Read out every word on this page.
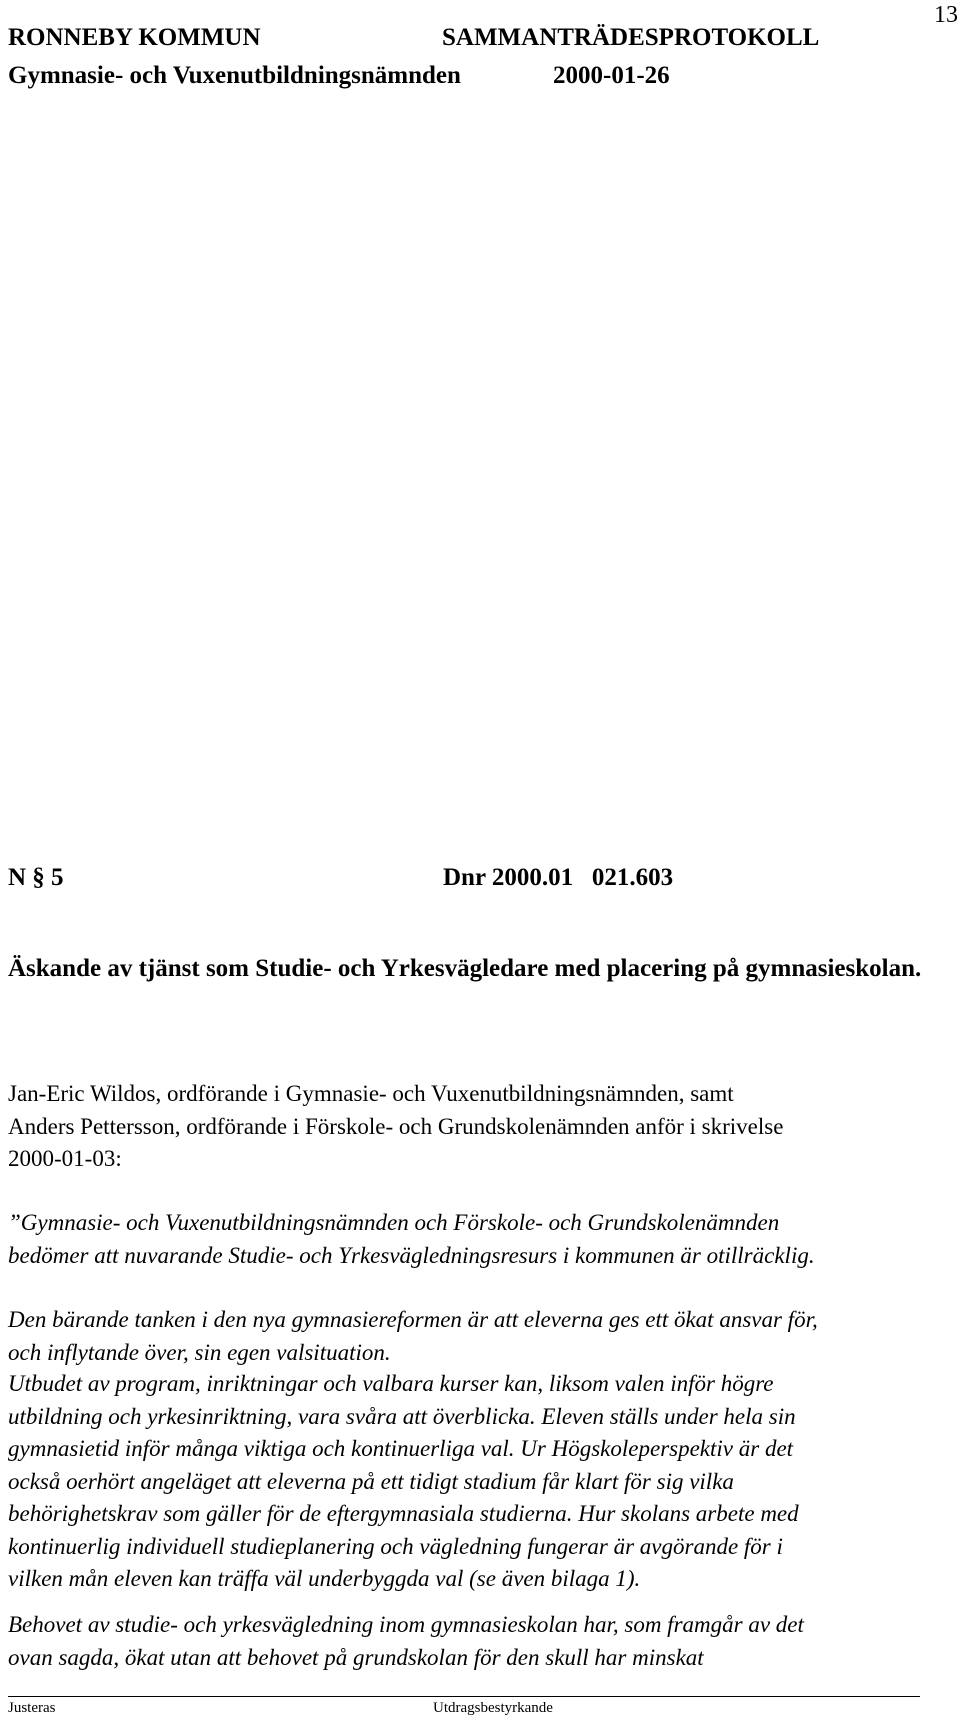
13
RONNEBY KOMMUN	SAMMANTRÄDESPROTOKOLL
Gymnasie- och Vuxenutbildningsnämnden	2000-01-26
N § 5	Dnr 2000.01   021.603
Äskande av tjänst som Studie- och Yrkesvägledare med placering på gymnasieskolan.
Jan-Eric Wildos, ordförande i Gymnasie- och Vuxenutbildningsnämnden, samt
Anders Pettersson, ordförande i Förskole- och Grundskolenämnden anför i skrivelse
2000-01-03:
”Gymnasie- och Vuxenutbildningsnämnden och Förskole- och Grundskolenämnden
bedömer att nuvarande Studie- och Yrkesvägledningsresurs i kommunen är otillräcklig.
Den bärande tanken i den nya gymnasiereformen är att eleverna ges ett ökat ansvar för,
och inflytande över, sin egen valsituation.
Utbudet av program, inriktningar och valbara kurser kan, liksom valen inför högre
utbildning och yrkesinriktning, vara svåra att överblicka. Eleven ställs under hela sin
gymnasietid inför många viktiga och kontinuerliga val. Ur Högskoleperspektiv är det
också oerhört angeläget att eleverna på ett tidigt stadium får klart för sig vilka
behörighetskrav som gäller för de eftergymnasiala studierna. Hur skolans arbete med
kontinuerlig individuell studieplanering och vägledning fungerar är avgörande för i
vilken mån eleven kan träffa väl underbyggda val (se även bilaga 1).
Behovet av studie- och yrkesvägledning inom gymnasieskolan har, som framgår av det
ovan sagda, ökat utan att behovet på grundskolan för den skull har minskat
Justeras	Utdragsbestyrkande
